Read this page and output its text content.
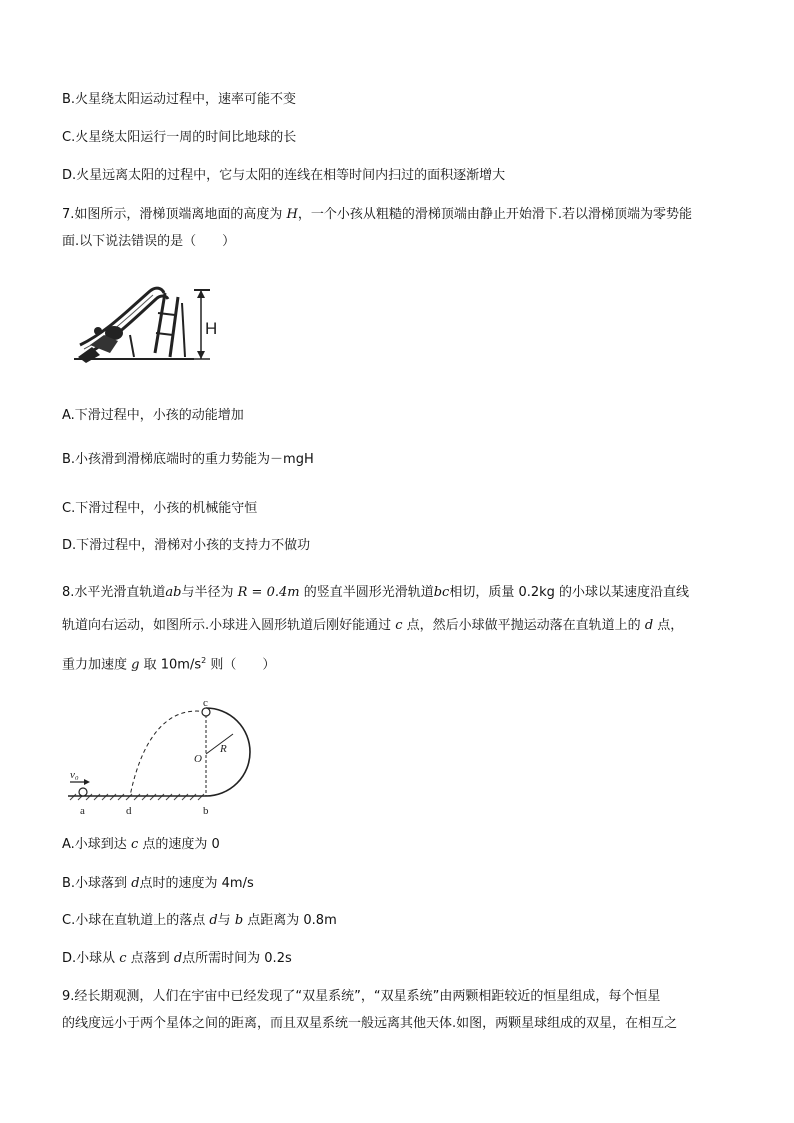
B.火星绕太阳运动过程中，速率可能不变
C.火星绕太阳运行一周的时间比地球的长
D.火星远离太阳的过程中，它与太阳的连线在相等时间内扫过的面积逐渐增大
7.如图所示，滑梯顶端离地面的高度为 H，一个小孩从粗糙的滑梯顶端由静止开始滑下.若以滑梯顶端为零势能
面.以下说法错误的是（　　）
H
A.下滑过程中，小孩的动能增加
B.小孩滑到滑梯底端时的重力势能为－mgH
C.下滑过程中，小孩的机械能守恒
D.下滑过程中，滑梯对小孩的支持力不做功
8.水平光滑直轨道ab与半径为 R = 0.4m 的竖直半圆形光滑轨道bc相切，质量 0.2kg 的小球以某速度沿直线
轨道向右运动，如图所示.小球进入圆形轨道后刚好能通过 c 点，然后小球做平抛运动落在直轨道上的 d 点，
重力加速度 g 取 $10m/s^2$ 则（　　）
c
O
R
v₀
a	d	b
A.小球到达 c 点的速度为 0
B.小球落到 d点时的速度为 4m/s
C.小球在直轨道上的落点 d与 b 点距离为 0.8m
D.小球从 c 点落到 d点所需时间为 0.2s
9.经长期观测，人们在宇宙中已经发现了“双星系统”，“双星系统”由两颗相距较近的恒星组成，每个恒星
的线度远小于两个星体之间的距离，而且双星系统一般远离其他天体.如图，两颗星球组成的双星，在相互之
